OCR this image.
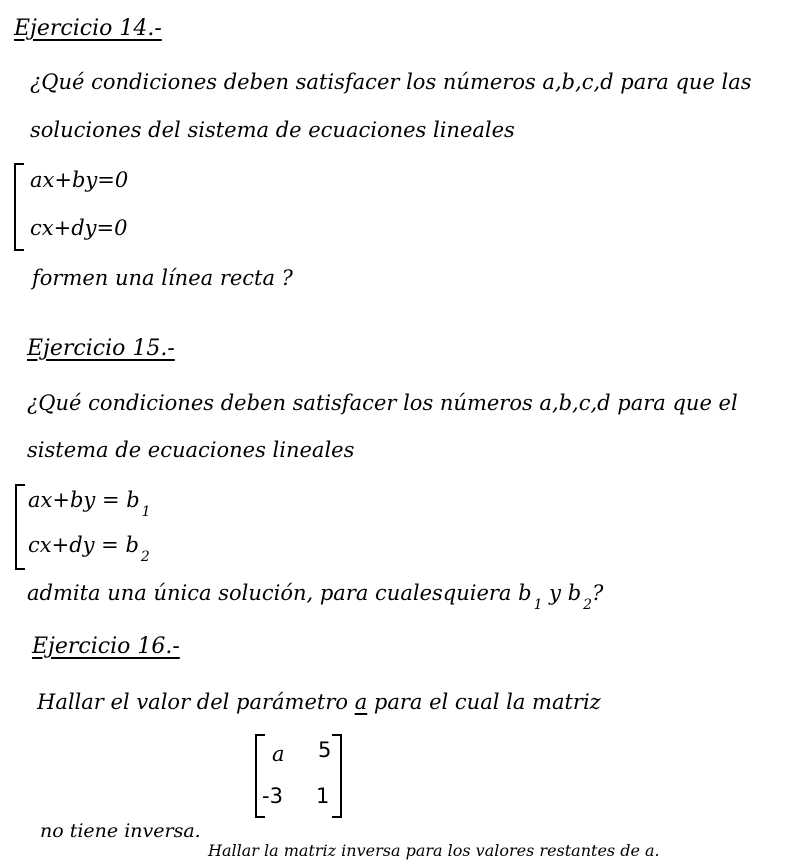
Ejercicio 14.-
¿Qué condiciones deben satisfacer los números a,b,c,d para que las
soluciones del sistema de ecuaciones lineales
ax+by=0
cx+dy=0
formen una línea recta ?
Ejercicio 15.-
¿Qué condiciones deben satisfacer los números a,b,c,d para que el
sistema de ecuaciones lineales
ax+by = b $_1$
cx+dy = b $_2$
admita una única solución, para cualesquiera b $_1$ y b $_2$?
Ejercicio 16.-
Hallar el valor del parámetro a para el cual la matriz
a 5
-3 1
no tiene inversa.
Hallar la matriz inversa para los valores restantes de a.
